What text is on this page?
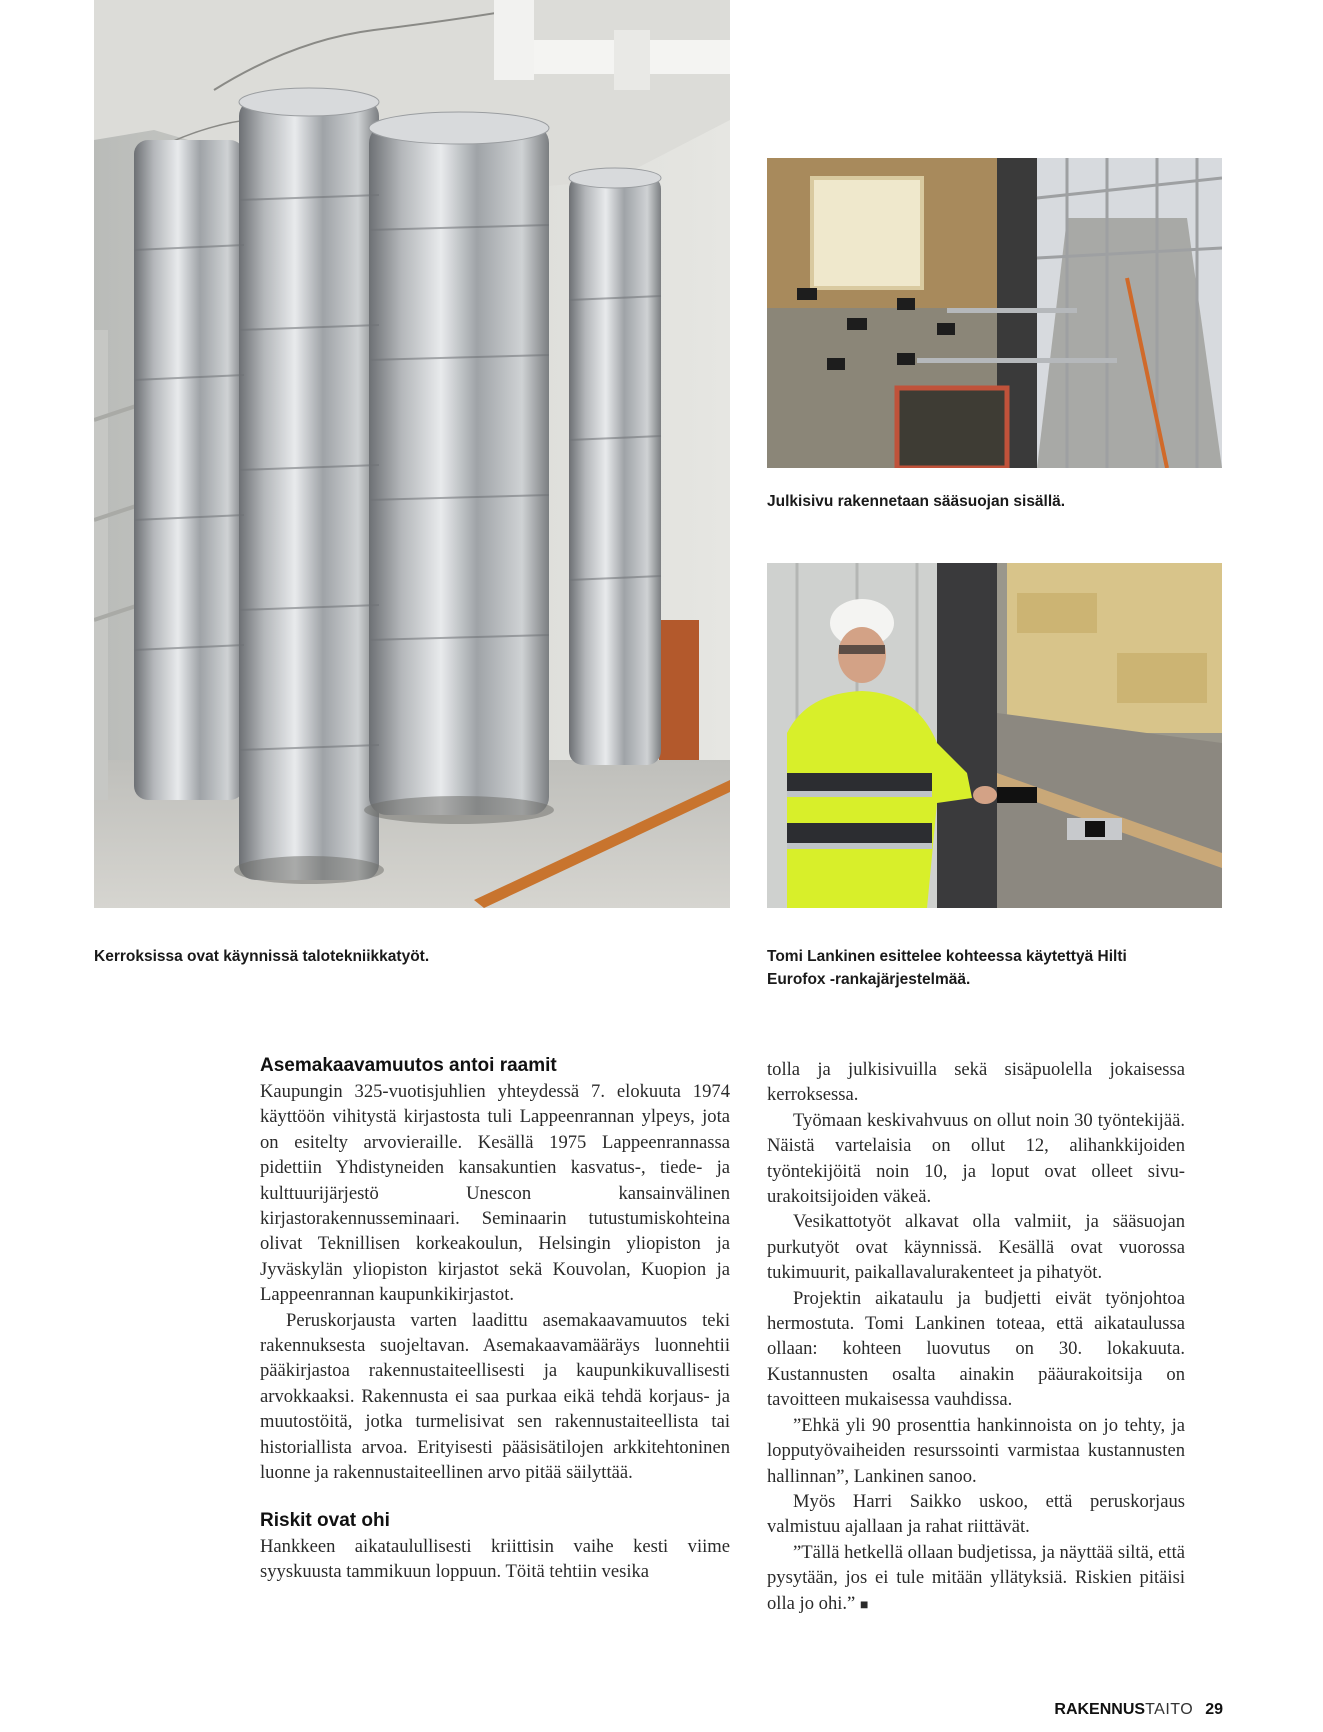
Julkisivu rakennetaan sääsuojan sisällä.
Tomi Lankinen esittelee kohteessa käytettyä Hilti
Eurofox -rankajärjestelmää.
Kerroksissa ovat käynnissä talotekniikkatyöt.
Asemakaavamuutos antoi raamit

Kaupungin 325-vuotisjuhlien yhteydessä 7. elokuuta 1974 käyttöön vihitystä kirjastosta tuli Lappeenrannan ylpeys, jota on esitelty arvovieraille. Kesällä 1975 Lappeenrannassa pidettiin Yhdistyneiden kansakuntien kasvatus-, tiede- ja kulttuurijärjestö Unescon kansainvälinen kirjastorakennusseminaari. Seminaarin tutustumiskohteina olivat Teknillisen korkeakoulun, Helsingin yliopiston ja Jyväskylän yliopiston kirjastot sekä Kouvolan, Kuopion ja Lappeenrannan kaupunkikirjastot.

Peruskorjausta varten laadittu asemakaavamuutos teki rakennuksesta suojeltavan. Asemakaavamääräys luonnehtii pääkirjastoa rakennustaiteellisesti ja kaupunkikuvallisesti arvokkaaksi. Rakennusta ei saa purkaa eikä tehdä korjaus- ja muutostöitä, jotka turmelisivat sen rakennustaiteellista tai historiallista arvoa. Erityisesti pääsisätilojen arkkitehtoninen luonne ja rakennustaiteellinen arvo pitää säilyttää.

Riskit ovat ohi

Hankkeen aikataulullisesti kriittisin vaihe kesti viime syyskuusta tammikuun loppuun. Töitä tehtiin vesika

tolla ja julkisivuilla sekä sisäpuolella jokaisessa kerroksessa.

Työmaan keskivahvuus on ollut noin 30 työntekijää. Näistä vartelaisia on ollut 12, alihankkijoiden työntekijöitä noin 10, ja loput ovat olleet sivu-urakoitsijoiden väkeä.

Vesikattotyöt alkavat olla valmiit, ja sääsuojan purkutyöt ovat käynnissä. Kesällä ovat vuorossa tukimuurit, paikallavalurakenteet ja pihatyöt.

Projektin aikataulu ja budjetti eivät työnjohtoa hermostuta. Tomi Lankinen toteaa, että aikataulussa ollaan: kohteen luovutus on 30. lokakuuta. Kustannusten osalta ainakin pääurakoitsija on tavoitteen mukaisessa vauhdissa.

”Ehkä yli 90 prosenttia hankinnoista on jo tehty, ja lopputyövaiheiden resurssointi varmistaa kustannusten hallinnan”, Lankinen sanoo.

Myös Harri Saikko uskoo, että peruskorjaus valmistuu ajallaan ja rahat riittävät.

”Tällä hetkellä ollaan budjetissa, ja näyttää siltä, että pysytään, jos ei tule mitään yllätyksiä. Riskien pitäisi olla jo ohi.” ■

RAKENNUSTAITO 29
